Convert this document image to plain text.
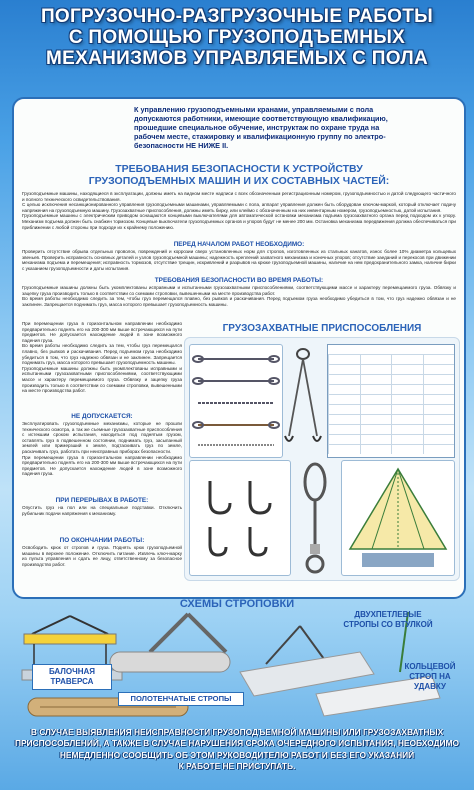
ПОГРУЗОЧНО-РАЗГРУЗОЧНЫЕ РАБОТЫ
С ПОМОЩЬЮ ГРУЗОПОДЪЕМНЫХ
МЕХАНИЗМОВ УПРАВЛЯЕМЫХ С ПОЛА
К управлению грузоподъемными кранами, управляемыми с пола
допускаются работники, имеющие соответствующую квалификацию,
прошедшие специальное обучение, инструктаж по охране труда на
рабочем месте, стажировку и квалификационную группу по электро-
безопасности НЕ НИЖЕ II.
ТРЕБОВАНИЯ БЕЗОПАСНОСТИ К УСТРОЙСТВУ
ГРУЗОПОДЪЕМНЫХ МАШИН И ИХ СОСТАВНЫХ ЧАСТЕЙ:

Грузоподъемные машины, находящиеся в эксплуатации, должны иметь на видном месте надписи с всех обозначенным регистрационным номером, грузоподъемностью и датой следующего частичного и полного технического освидетельствования.

С целью исключения несанкционированного управления грузоподъемными машинами, управляемыми с пола, аппарат управления должен быть оборудован ключом-маркой, который отключает подачу напряжения на грузоподъемную машину. Грузозахватные приспособления, должны иметь бирку, или клеймо с обозначенным на них инвентарным номером, грузоподъемностью, датой испытания.

Грузоподъемные машины с электрическим приводом оснащаются концевыми выключателями для автоматической остановки механизма подъема грузозахватного органа перед подходом их к упору. Механизм подъема должен быть снабжен тормозом. Концевые выключатели грузоподъемных органов и упоров будут не менее 200 мм. Остановка механизма передвижения должна обеспечиваться при приближении с любой стороны при подходе их к крайнему положению.

ПЕРЕД НАЧАЛОМ РАБОТ НЕОБХОДИМО:
Проверить отсутствие обрыва отдельных проволок, повреждений и коррозии сверх установленных норм для стропов, изготовленных из стальных канатов, износ более 10% диаметра кольцевых звеньев. Проверить исправность основных деталей и узлов грузоподъемной машины; надежность креплений захватного механизма и конечных упоров; отсутствие заеданий и перекосов при движении механизма подъема и перемещения; исправность тормозов, отсутствие трещин, искривлений и разрывов на крюке грузоподъемной машины, наличие на нем предохранительного замка, наличие бирки с указанием грузоподъемности и даты испытания.
ТРЕБОВАНИЯ БЕЗОПАСНОСТИ ВО ВРЕМЯ РАБОТЫ:

Грузоподъемные машины должны быть укомплектованы исправными и испытанными грузозахватными приспособлениями, соответствующими массе и характеру перемещаемого груза. Обвязку и зацепку груза производить только в соответствии со схемами строповки, вывешенными на месте производства работ.

Во время работы необходимо следить за тем, чтобы груз перемещался плавно, без рывков и раскачивания. Перед подъемом груза необходимо убедиться в том, что груз надежно обвязан и не заклинен. Запрещается поднимать груз, масса которого превышает грузоподъемность машины.

При перемещении груза в горизонтальном направлении необходимо предварительно поднять его на 200-300 мм выше встречающихся на пути предметов. Не допускается нахождение людей в зоне возможного падения груза.

Во время работы необходимо следить за тем, чтобы груз перемещался плавно, без рывков и раскачивания. Перед подъемом груза необходимо убедиться в том, что груз надежно обвязан и не заклинен. Запрещается поднимать груз, масса которого превышает грузоподъемность машины.

Грузоподъемные машины должны быть укомплектованы исправными и испытанными грузозахватными приспособлениями, соответствующими массе и характеру перемещаемого груза. Обвязку и зацепку груза производить только в соответствии со схемами строповки, вывешенными на месте производства работ.

НЕ ДОПУСКАЕТСЯ:

Эксплуатировать грузоподъемные механизмы, которые не прошли технического осмотра, а так же съемные грузозахватные приспособления с истекшим сроком испытания, находиться под поднятым грузом, оставлять груз в подвешенном состоянии, поднимать груз, засыпанный землей или примерзший к земле, подтаскивать груз по земле, раскачивать груз, работать при неисправных приборах безопасности.

При перемещении груза в горизонтальном направлении необходимо предварительно поднять его на 200-300 мм выше встречающихся на пути предметов. Не допускается нахождение людей в зоне возможного падения груза.

ПРИ ПЕРЕРЫВАХ В РАБОТЕ:
Опустить груз на пол или на специальные подставки. Отключить рубильник подачи напряжения к механизму.
ПО ОКОНЧАНИИ РАБОТЫ:
Освободить крюк от стропов и груза. Поднять крюк грузоподъемной машины в верхнее положение. Отключить питание. Извлечь ключ-марку из пульта управления и сдать ее лицу, ответственному за безопасное производство работ.
ГРУЗОЗАХВАТНЫЕ ПРИСПОСОБЛЕНИЯ

СХЕМЫ СТРОПОВКИ
БАЛОЧНАЯ ТРАВЕРСА
ПОЛОТЕНЧАТЫЕ СТРОПЫ
ДВУХПЕТЛЕВЫЕ СТРОПЫ СО ВТУЛКОЙ
КОЛЬЦЕВОЙ СТРОП НА УДАВКУ
В СЛУЧАЕ ВЫЯВЛЕНИЯ НЕИСПРАВНОСТИ ГРУЗОПОДЪЕМНОЙ МАШИНЫ ИЛИ ГРУЗОЗАХВАТНЫХ
ПРИСПОСОБЛЕНИЙ, А ТАКЖЕ В СЛУЧАЕ НАРУШЕНИЯ СРОКА ОЧЕРЕДНОГО ИСПЫТАНИЯ, НЕОБХОДИМО
НЕМЕДЛЕННО СООБЩИТЬ ОБ ЭТОМ РУКОВОДИТЕЛЮ РАБОТ И БЕЗ ЕГО УКАЗАНИЙ
К РАБОТЕ НЕ ПРИСТУПАТЬ.
